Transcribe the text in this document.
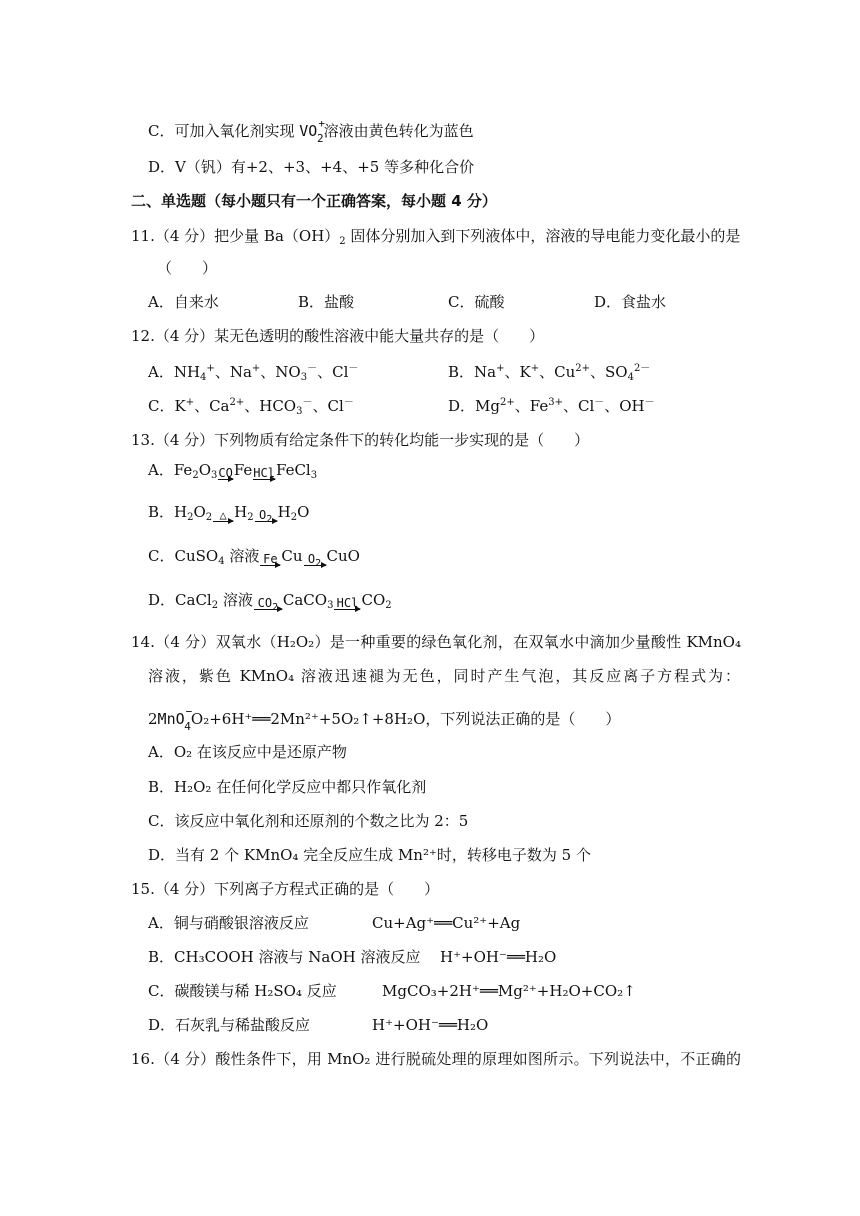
C．可加入氧化剂实现 $VO^+_2$溶液由黄色转化为蓝色
D．V（钒）有+2、+3、+4、+5 等多种化合价
二、单选题（每小题只有一个正确答案，每小题 4 分）
11.（4 分）把少量 $Ba(OH)_2$ 固体分别加入到下列液体中，溶液的导电能力变化最小的是
（　　）
A．自来水	B．盐酸	C．硫酸	D．食盐水
12.（4 分）某无色透明的酸性溶液中能大量共存的是（　　）
A．$NH_4^+$、Na+、$NO_3^-$、Cl－	B．Na+、K+、$Cu^{2+}$、$SO_4^{2-}$
C．K+、$Ca^{2+}$、$HCO_3^-$、Cl－	D．$Mg^{2+}$、$Fe^{3+}$、Cl－、OH－
13.（4 分）下列物质有给定条件下的转化均能一步实现的是（　　）
A．$Fe_2O_3$ CO Fe HCl FeCl$_3$
B．$H_2O_2$ △ $H_2$ $O_2$ $H_2O$
C．CuSO$_4$ 溶液 Fe Cu $O_2$ CuO
D．CaCl$_2$ 溶液 $CO_2$ CaCO$_3$ HCl $CO_2$
14.（4 分）双氧水（H₂O₂）是一种重要的绿色氧化剂，在双氧水中滴加少量酸性 KMnO₄
溶液，紫色 KMnO₄ 溶液迅速褪为无色，同时产生气泡，其反应离子方程式为：
2MnO−$_4$O₂+6H⁺══2Mn²⁺+5O₂↑+8H₂O，下列说法正确的是（　　）
A．O₂ 在该反应中是还原产物
B．H₂O₂ 在任何化学反应中都只作氧化剂
C．该反应中氧化剂和还原剂的个数之比为 2：5
D．当有 2 个 KMnO₄ 完全反应生成 Mn²⁺时，转移电子数为 5 个
15.（4 分）下列离子方程式正确的是（　　）
A．铜与硝酸银溶液反应	Cu+Ag⁺══Cu²⁺+Ag
B．CH₃COOH 溶液与 NaOH 溶液反应 H⁺+OH⁻══H₂O
C．碳酸镁与稀 H₂SO₄ 反应	MgCO₃+2H⁺══Mg²⁺+H₂O+CO₂↑
D．石灰乳与稀盐酸反应	H⁺+OH⁻══H₂O
16.（4 分）酸性条件下，用 MnO₂ 进行脱硫处理的原理如图所示。下列说法中，不正确的
